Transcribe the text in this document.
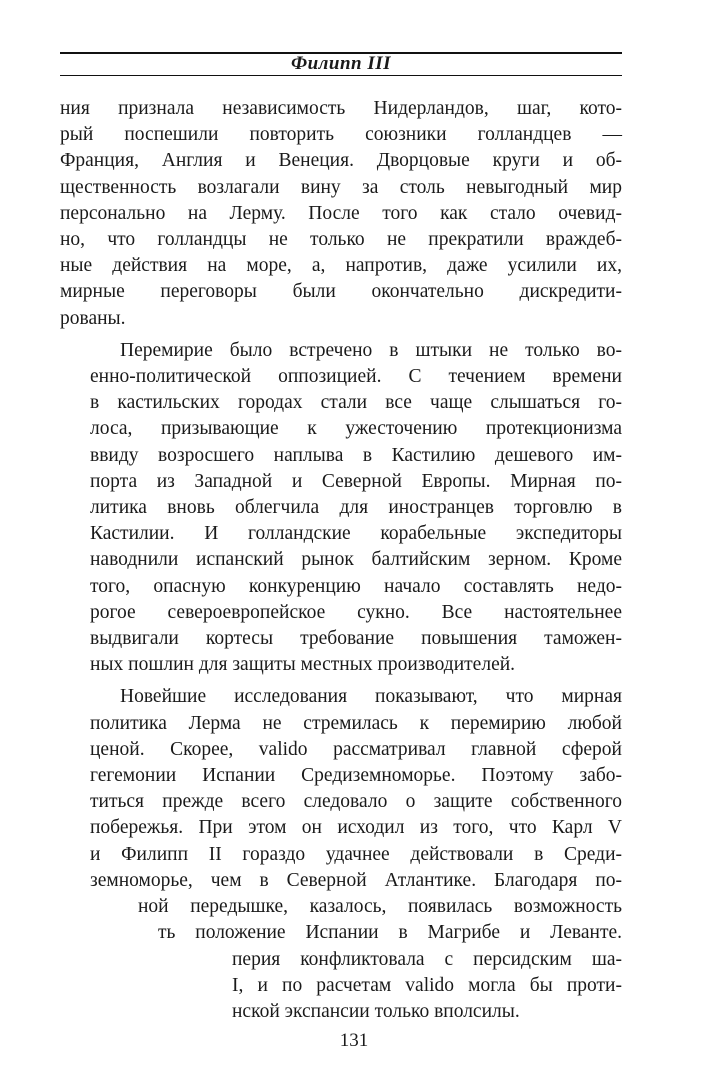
Филипп III
ния признала независимость Нидерландов, шаг, кото-
рый поспешили повторить союзники голландцев —
Франция, Англия и Венеция. Дворцовые круги и об-
щественность возлагали вину за столь невыгодный мир
персонально на Лерму. После того как стало очевид-
но, что голландцы не только не прекратили враждеб-
ные действия на море, а, напротив, даже усилили их,
мирные переговоры были окончательно дискредити-
рованы.
Перемирие было встречено в штыки не только во-
енно-политической оппозицией. С течением времени
в кастильских городах стали все чаще слышаться го-
лоса, призывающие к ужесточению протекционизма
ввиду возросшего наплыва в Кастилию дешевого им-
порта из Западной и Северной Европы. Мирная по-
литика вновь облегчила для иностранцев торговлю в
Кастилии. И голландские корабельные экспедиторы
наводнили испанский рынок балтийским зерном. Кроме
того, опасную конкуренцию начало составлять недо-
рогое североевропейское сукно. Все настоятельнее
выдвигали кортесы требование повышения таможен-
ных пошлин для защиты местных производителей.
Новейшие исследования показывают, что мирная
политика Лерма не стремилась к перемирию любой
ценой. Скорее, valido рассматривал главной сферой
гегемонии Испании Средиземноморье. Поэтому забо-
титься прежде всего следовало о защите собственного
побережья. При этом он исходил из того, что Карл V
и Филипп II гораздо удачнее действовали в Среди-
земноморье, чем в Северной Атлантике. Благодаря по-
ной передышке, казалось, появилась возможность
ть положение Испании в Магрибе и Леванте.
перия конфликтовала с персидским ша-
I, и по расчетам valido могла бы проти-
нской экспансии только вполсилы.
131
